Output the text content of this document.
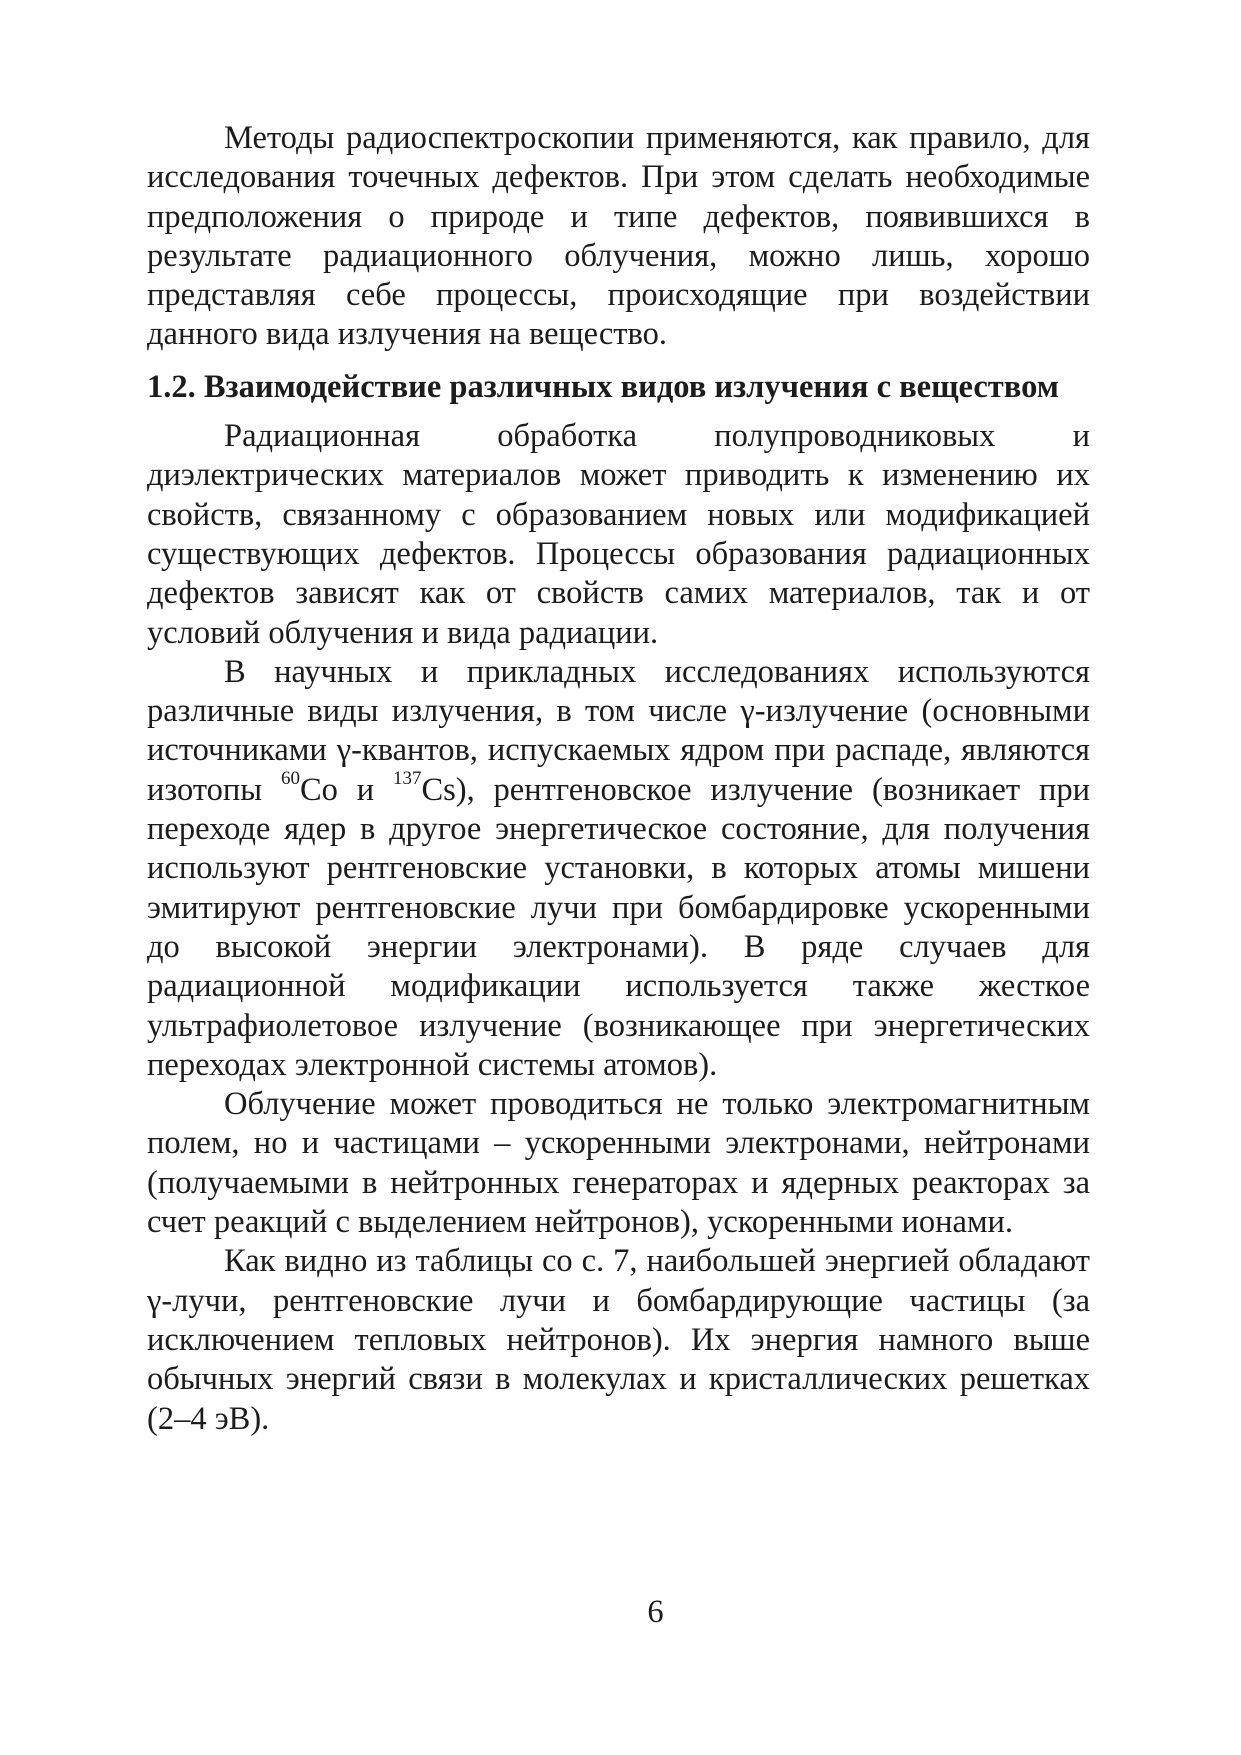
Методы радиоспектроскопии применяются, как правило, для исследования точечных дефектов. При этом сделать необходимые предположения о природе и типе дефектов, появившихся в результате радиационного облучения, можно лишь, хорошо представляя себе процессы, происходящие при воздействии данного вида излучения на вещество.

1.2. Взаимодействие различных видов излучения с веществом

Радиационная обработка полупроводниковых и диэлектрических материалов может приводить к изменению их свойств, связанному с образованием новых или модификацией существующих дефектов. Процессы образования радиационных дефектов зависят как от свойств самих материалов, так и от условий облучения и вида радиации.

В научных и прикладных исследованиях используются различные виды излучения, в том числе γ-излучение (основными источниками γ-квантов, испускаемых ядром при распаде, являются изотопы $^{60}$Co и $^{137}$Cs), рентгеновское излучение (возникает при переходе ядер в другое энергетическое состояние, для получения используют рентгеновские установки, в которых атомы мишени эмитируют рентгеновские лучи при бомбардировке ускоренными до высокой энергии электронами). В ряде случаев для радиационной модификации используется также жесткое ультрафиолетовое излучение (возникающее при энергетических переходах электронной системы атомов).

Облучение может проводиться не только электромагнитным полем, но и частицами – ускоренными электронами, нейтронами (получаемыми в нейтронных генераторах и ядерных реакторах за счет реакций с выделением нейтронов), ускоренными ионами.

Как видно из таблицы со с. 7, наибольшей энергией обладают γ-лучи, рентгеновские лучи и бомбардирующие частицы (за исключением тепловых нейтронов). Их энергия намного выше обычных энергий связи в молекулах и кристаллических решетках (2–4 эВ).

6
